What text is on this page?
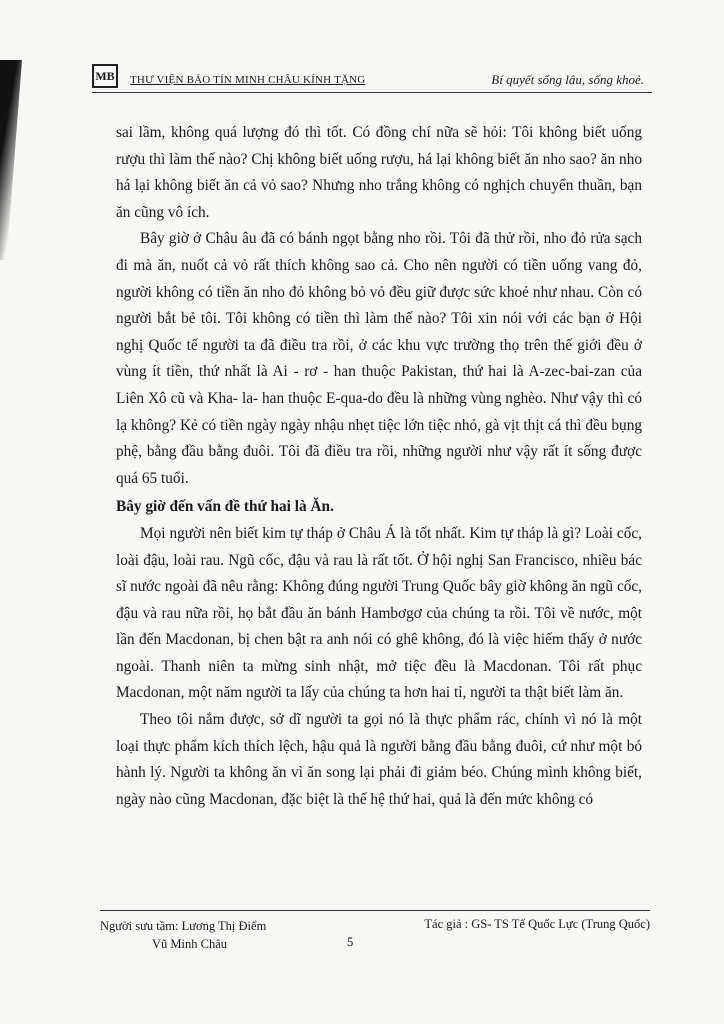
MB	THƯ VIỆN BẢO TÍN MINH CHÂU KÍNH TẶNG	Bí quyết sống lâu, sống khoẻ.

sai lầm, không quá lượng đó thì tốt. Có đồng chí nữa sẽ hỏi: Tôi không biết uống rượu thì làm thế nào? Chị không biết uống rượu, há lại không biết ăn nho sao? ăn nho há lại không biết ăn cả vỏ sao? Nhưng nho trắng không có nghịch chuyển thuần, bạn ăn cũng vô ích.

Bây giờ ở Châu âu đã có bánh ngọt bằng nho rồi. Tôi đã thử rồi, nho đỏ rửa sạch đi mà ăn, nuốt cả vỏ rất thích không sao cả. Cho nên người có tiền uống vang đỏ, người không có tiền ăn nho đỏ không bỏ vỏ đều giữ được sức khoẻ như nhau. Còn có người bắt bẻ tôi. Tôi không có tiền thì làm thế nào? Tôi xin nói với các bạn ở Hội nghị Quốc tế người ta đã điều tra rồi, ở các khu vực trường thọ trên thế giới đều ở vùng ít tiền, thứ nhất là Ai - rơ - han thuộc Pakistan, thứ hai là A-zec-bai-zan của Liên Xô cũ và Kha- la- han thuộc E-qua-do đều là những vùng nghèo. Như vậy thì có lạ không? Kẻ có tiền ngày ngày nhậu nhẹt tiệc lớn tiệc nhỏ, gà vịt thịt cá thì đều bụng phệ, bằng đầu bằng đuôi. Tôi đã điều tra rồi, những người như vậy rất ít sống được quá 65 tuổi.

Bây giờ đến vấn đề thứ hai là Ăn.

Mọi người nên biết kim tự tháp ở Châu Á là tốt nhất. Kim tự tháp là gì? Loài cốc, loài đậu, loài rau. Ngũ cốc, đậu và rau là rất tốt. Ở hội nghị San Francisco, nhiều bác sĩ nước ngoài đã nêu rằng: Không đúng người Trung Quốc bây giờ không ăn ngũ cốc, đậu và rau nữa rồi, họ bắt đầu ăn bánh Hambơgơ của chúng ta rồi. Tôi về nước, một lần đến Macdonan, bị chen bật ra anh nói có ghê không, đó là việc hiếm thấy ở nước ngoài. Thanh niên ta mừng sinh nhật, mở tiệc đều là Macdonan. Tôi rất phục Macdonan, một năm người ta lấy của chúng ta hơn hai tỉ, người ta thật biết làm ăn.

Theo tôi nắm được, sở dĩ người ta gọi nó là thực phẩm rác, chính vì nó là một loại thực phẩm kích thích lệch, hậu quả là người bằng đầu bằng đuôi, cứ như một bó hành lý. Người ta không ăn vì ăn song lại phải đi giảm béo. Chúng mình không biết, ngày nào cũng Macdonan, đặc biệt là thế hệ thứ hai, quả là đến mức không có

Người sưu tầm: Lương Thị Điểm
Vũ Minh Châu	5
Tác giả : GS- TS Tế Quốc Lực (Trung Quốc)
